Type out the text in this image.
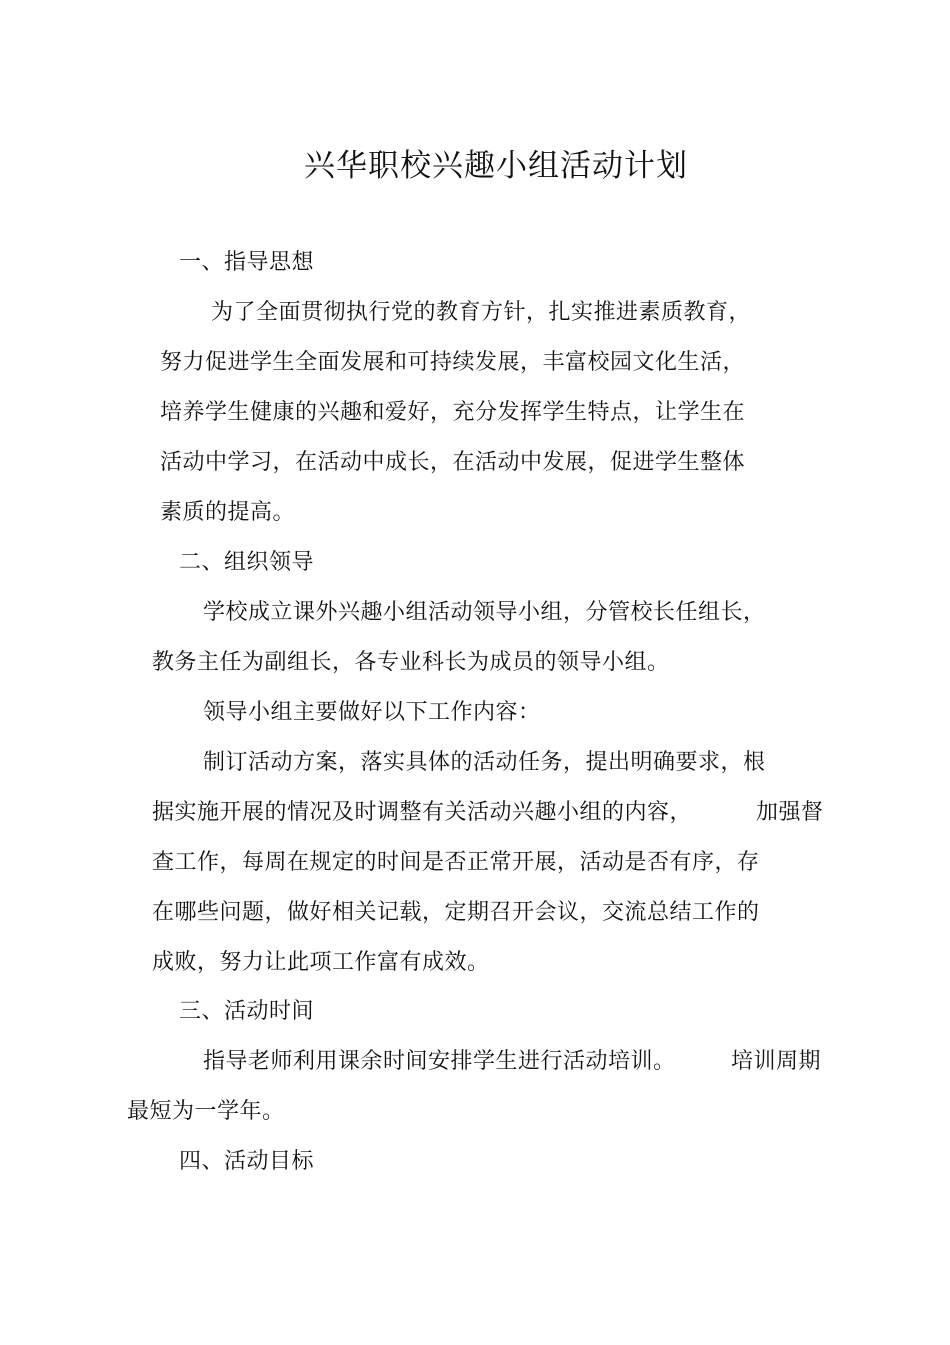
兴华职校兴趣小组活动计划
一、指导思想
为了全面贯彻执行党的教育方针，扎实推进素质教育，
努力促进学生全面发展和可持续发展，丰富校园文化生活，
培养学生健康的兴趣和爱好，充分发挥学生特点，让学生在
活动中学习，在活动中成长，在活动中发展，促进学生整体
素质的提高。
二、组织领导
学校成立课外兴趣小组活动领导小组，分管校长任组长，
教务主任为副组长，各专业科长为成员的领导小组。
领导小组主要做好以下工作内容：
制订活动方案，落实具体的活动任务，提出明确要求，根
据实施开展的情况及时调整有关活动兴趣小组的内容，	加强督
查工作，每周在规定的时间是否正常开展，活动是否有序，存
在哪些问题，做好相关记载，定期召开会议，交流总结工作的
成败，努力让此项工作富有成效。
三、活动时间
指导老师利用课余时间安排学生进行活动培训。	培训周期
最短为一学年。
四、活动目标
